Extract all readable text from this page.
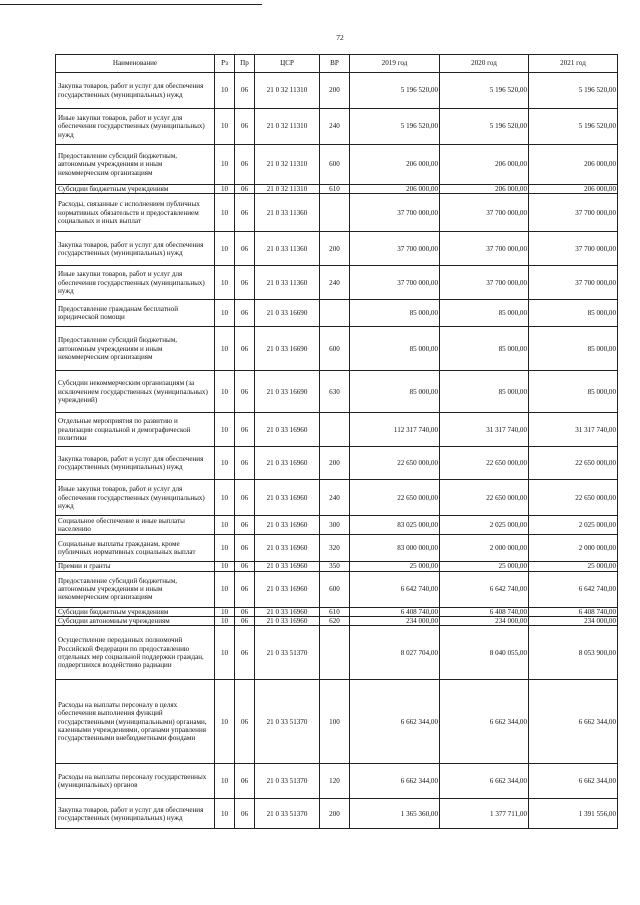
72
Наименование	Рз	Пр	ЦСР	ВР	2019 год	2020 год	2021 год
Закупка товаров, работ и услуг для обеспечения государственных (муниципальных) нужд	10	06	21 0 32 11310	200	5 196 520,00	5 196 520,00	5 196 520,00
Иные закупки товаров, работ и услуг для обеспечения государственных (муниципальных) нужд	10	06	21 0 32 11310	240	5 196 520,00	5 196 520,00	5 196 520,00
Предоставление субсидий бюджетным, автономным учреждениям и иным некоммерческим организациям	10	06	21 0 32 11310	600	206 000,00	206 000,00	206 000,00
Субсидии бюджетным учреждениям	10	06	21 0 32 11310	610	206 000,00	206 000,00	206 000,00
Расходы, связанные с исполнением публичных нормативных обязательств и предоставлением социальных и иных выплат	10	06	21 0 33 11360		37 700 000,00	37 700 000,00	37 700 000,00
Закупка товаров, работ и услуг для обеспечения государственных (муниципальных) нужд	10	06	21 0 33 11360	200	37 700 000,00	37 700 000,00	37 700 000,00
Иные закупки товаров, работ и услуг для обеспечения государственных (муниципальных) нужд	10	06	21 0 33 11360	240	37 700 000,00	37 700 000,00	37 700 000,00
Предоставление гражданам бесплатной юридической помощи	10	06	21 0 33 16690		85 000,00	85 000,00	85 000,00
Предоставление субсидий бюджетным, автономным учреждениям и иным некоммерческим организациям	10	06	21 0 33 16690	600	85 000,00	85 000,00	85 000,00
Субсидии некоммерческим организациям (за исключением государственных (муниципальных) учреждений)	10	06	21 0 33 16690	630	85 000,00	85 000,00	85 000,00
Отдельные мероприятия по развитию и реализации социальной и демографической политики	10	06	21 0 33 16960		112 317 740,00	31 317 740,00	31 317 740,00
Закупка товаров, работ и услуг для обеспечения государственных (муниципальных) нужд	10	06	21 0 33 16960	200	22 650 000,00	22 650 000,00	22 650 000,00
Иные закупки товаров, работ и услуг для обеспечения государственных (муниципальных) нужд	10	06	21 0 33 16960	240	22 650 000,00	22 650 000,00	22 650 000,00
Социальное обеспечение и иные выплаты населению	10	06	21 0 33 16960	300	83 025 000,00	2 025 000,00	2 025 000,00
Социальные выплаты гражданам, кроме публичных нормативных социальных выплат	10	06	21 0 33 16960	320	83 000 000,00	2 000 000,00	2 000 000,00
Премии и гранты	10	06	21 0 33 16960	350	25 000,00	25 000,00	25 000,00
Предоставление субсидий бюджетным, автономным учреждениям и иным некоммерческим организациям	10	06	21 0 33 16960	600	6 642 740,00	6 642 740,00	6 642 740,00
Субсидии бюджетным учреждениям	10	06	21 0 33 16960	610	6 408 740,00	6 408 740,00	6 408 740,00
Субсидии автономным учреждениям	10	06	21 0 33 16960	620	234 000,00	234 000,00	234 000,00
Осуществление переданных полномочий Российской Федерации по предоставлению отдельных мер социальной поддержки граждан, подвергшихся воздействию радиации	10	06	21 0 33 51370		8 027 704,00	8 040 055,00	8 053 900,00
Расходы на выплаты персоналу в целях обеспечения выполнения функций государственными (муниципальными) органами, казенными учреждениями, органами управления государственными внебюджетными фондами	10	06	21 0 33 51370	100	6 662 344,00	6 662 344,00	6 662 344,00
Расходы на выплаты персоналу государственных (муниципальных) органов	10	06	21 0 33 51370	120	6 662 344,00	6 662 344,00	6 662 344,00
Закупка товаров, работ и услуг для обеспечения государственных (муниципальных) нужд	10	06	21 0 33 51370	200	1 365 360,00	1 377 711,00	1 391 556,00
